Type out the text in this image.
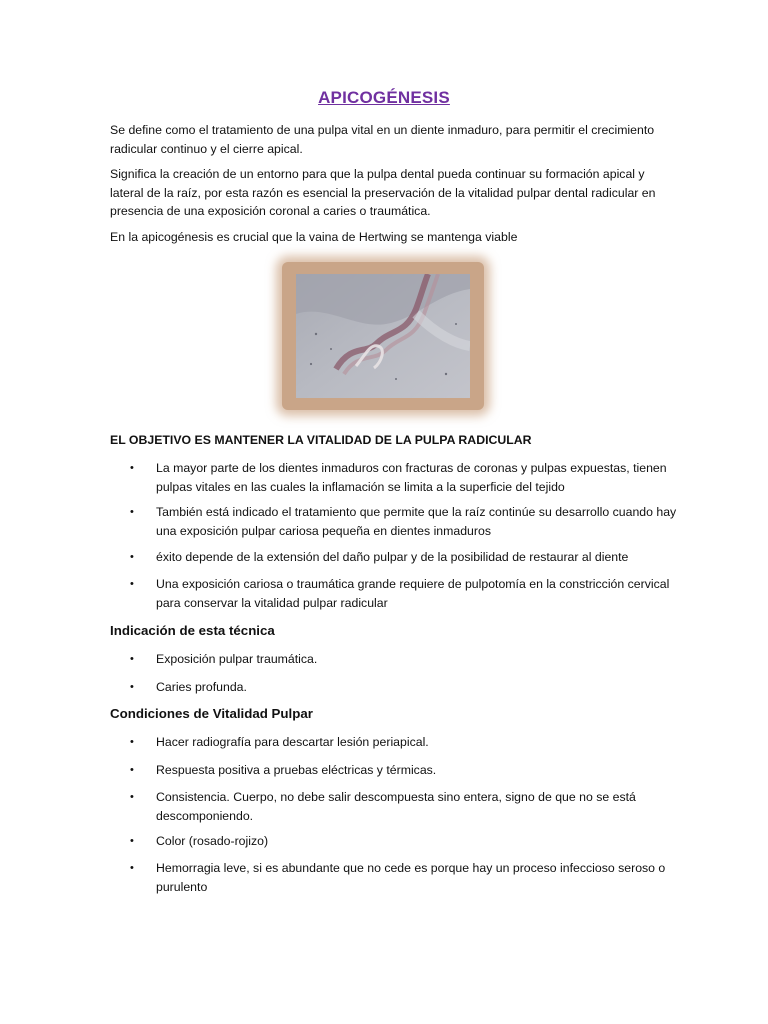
APICOGÉNESIS
Se define como el tratamiento de una pulpa vital en un diente inmaduro, para permitir el crecimiento radicular continuo y el cierre apical.
Significa la creación de un entorno para que la pulpa dental pueda continuar su formación apical y lateral de la raíz, por esta razón es esencial la preservación de la vitalidad pulpar dental radicular en presencia de una exposición coronal a caries o traumática.
En la apicogénesis es crucial que la vaina de Hertwing se mantenga viable
EL OBJETIVO ES MANTENER LA VITALIDAD DE LA PULPA RADICULAR
• La mayor parte de los dientes inmaduros con fracturas de coronas y pulpas expuestas, tienen pulpas vitales en las cuales la inflamación se limita a la superficie del tejido
• También está indicado el tratamiento que permite que la raíz continúe su desarrollo cuando hay una exposición pulpar cariosa pequeña en dientes inmaduros
• éxito depende de la extensión del daño pulpar y de la posibilidad de restaurar al diente
• Una exposición cariosa o traumática grande requiere de pulpotomía en la constricción cervical para conservar la vitalidad pulpar radicular
Indicación de esta técnica
• Exposición pulpar traumática.
• Caries profunda.
Condiciones de Vitalidad Pulpar
• Hacer radiografía para descartar lesión periapical.
• Respuesta positiva a pruebas eléctricas y térmicas.
• Consistencia. Cuerpo, no debe salir descompuesta sino entera, signo de que no se está descomponiendo.
• Color (rosado-rojizo)
• Hemorragia leve, si es abundante que no cede es porque hay un proceso infeccioso seroso o purulento
